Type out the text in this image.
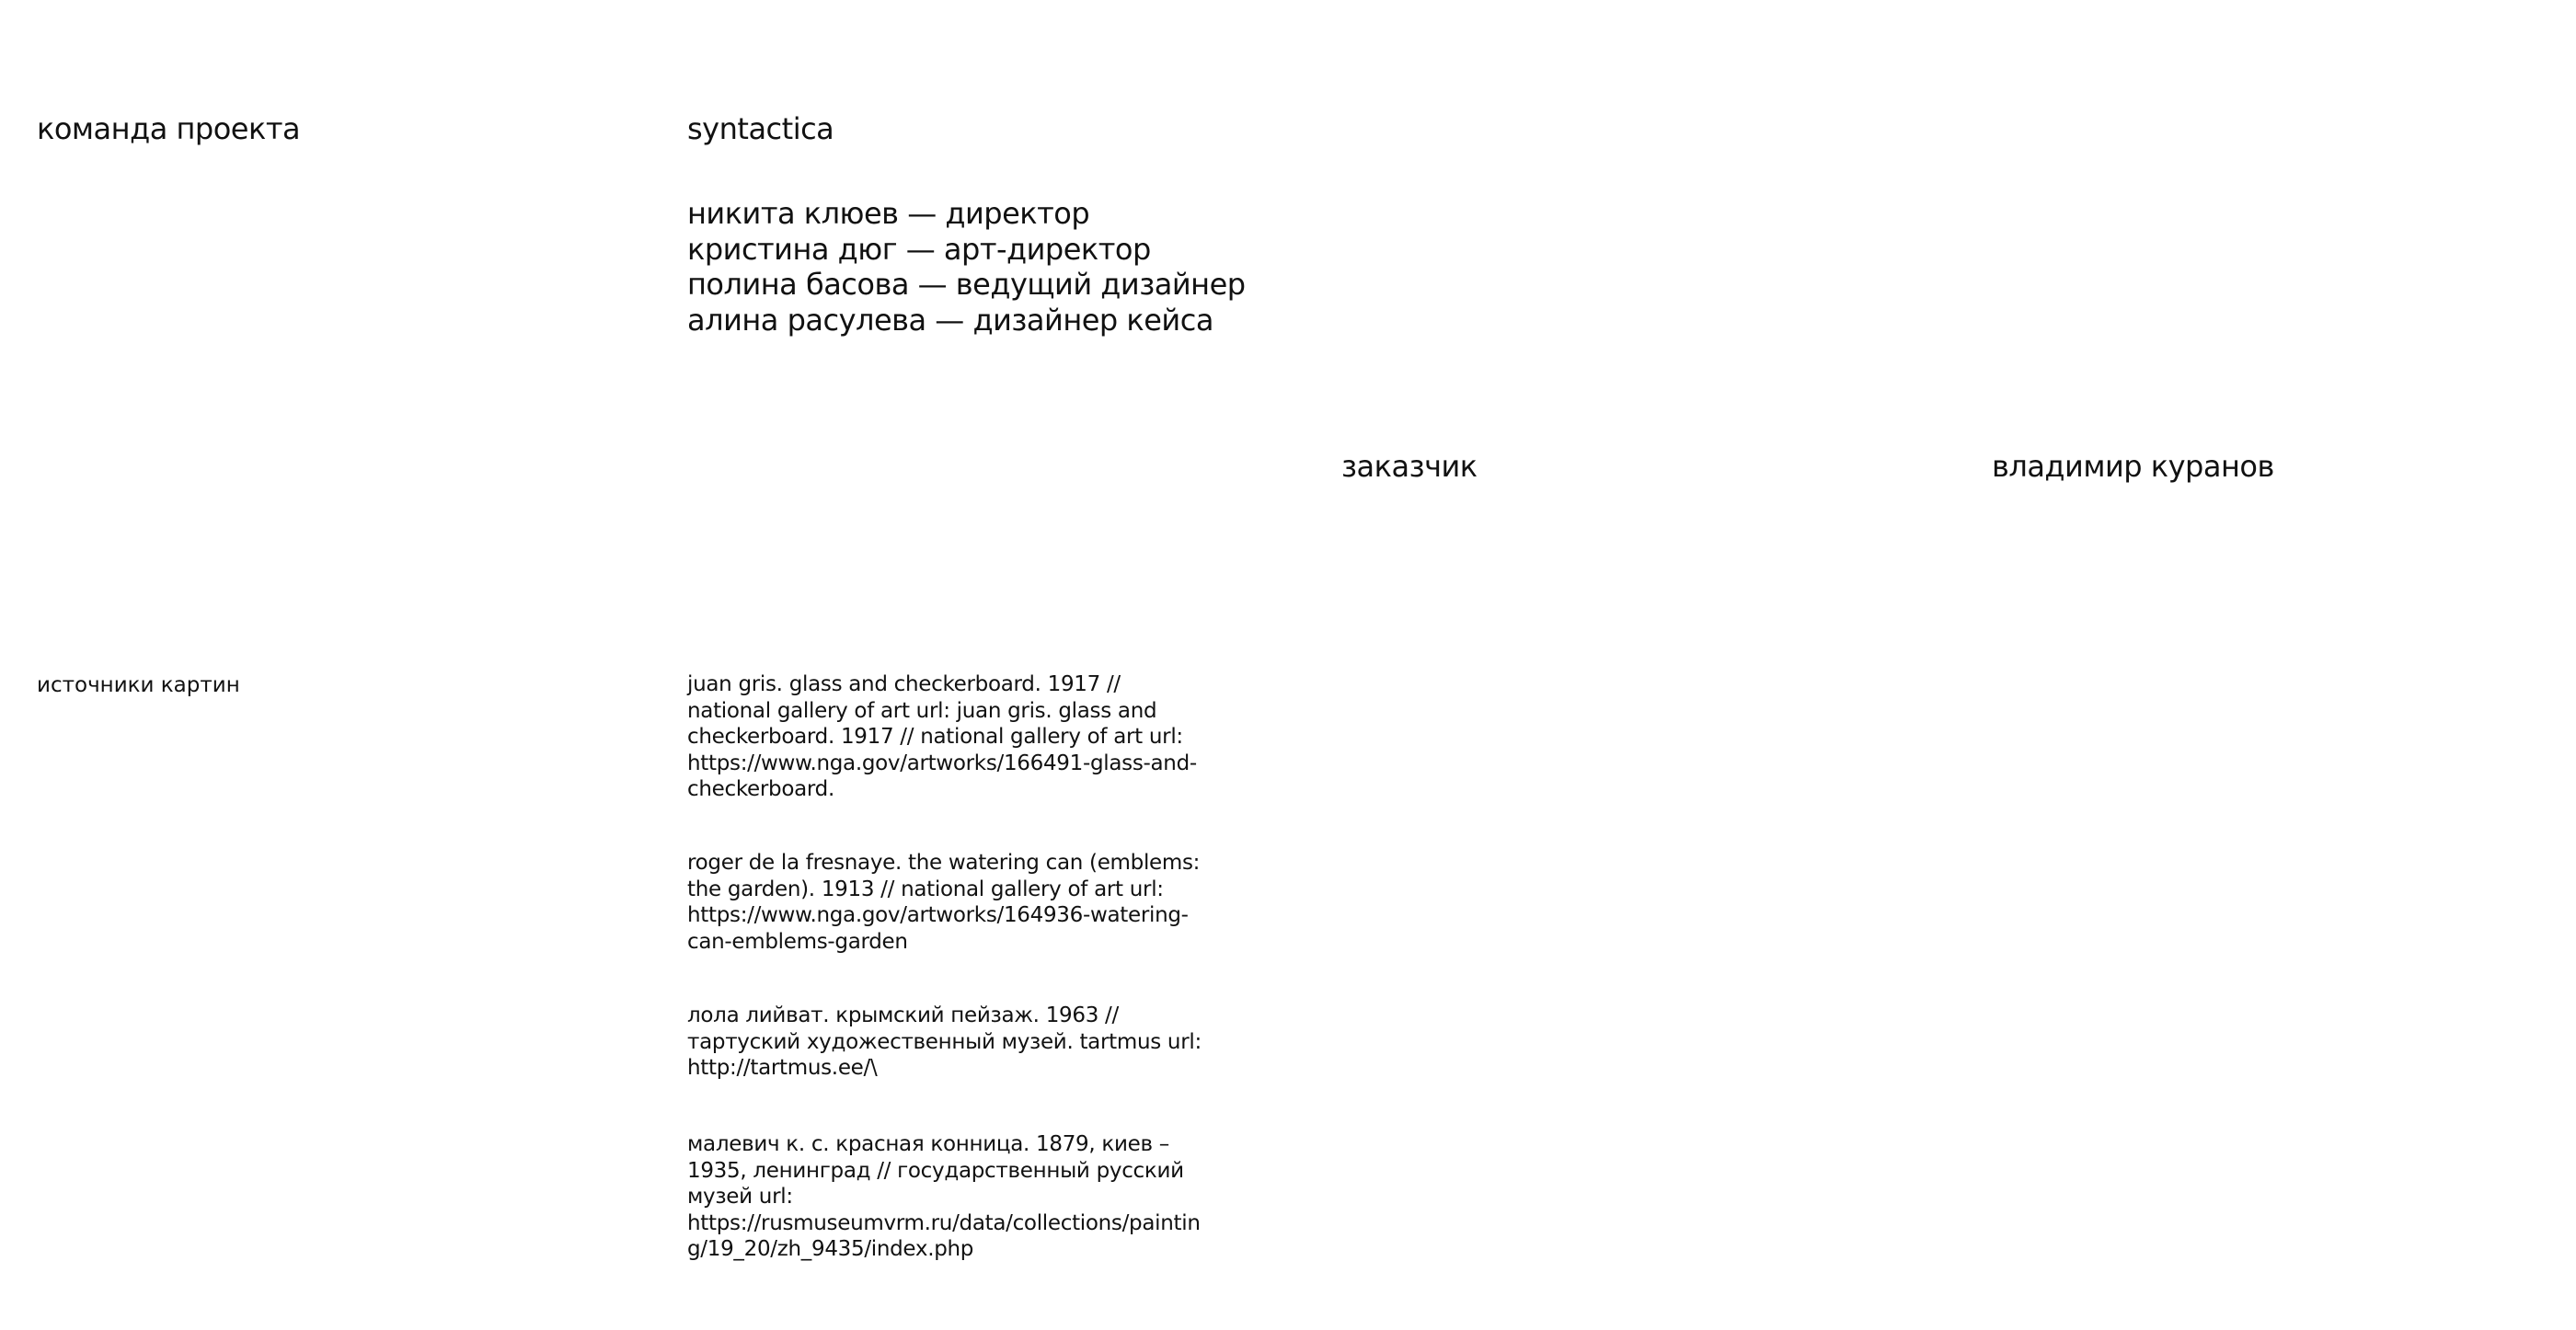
команда проекта	syntactica
никита клюев — директор
кристина дюг — арт-директор
полина басова — ведущий дизайнер
алина расулева — дизайнер кейса
заказчик	владимир куранов
источники картин	juan gris. glass and checkerboard. 1917 // national gallery of art url: juan gris. glass and checkerboard. 1917 // national gallery of art url: https://www.nga.gov/artworks/166491-glass-and-checkerboard.

roger de la fresnaye. the watering can (emblems: the garden). 1913 // national gallery of art url: https://www.nga.gov/artworks/164936-watering-can-emblems-garden

лола лийват. крымский пейзаж. 1963 // тартуский художественный музей. tartmus url: http://tartmus.ee/\

малевич к. с. красная конница. 1879, киев – 1935, ленинград // государственный русский музей url: https://rusmuseumvrm.ru/data/collections/painting/19_20/zh_9435/index.php
